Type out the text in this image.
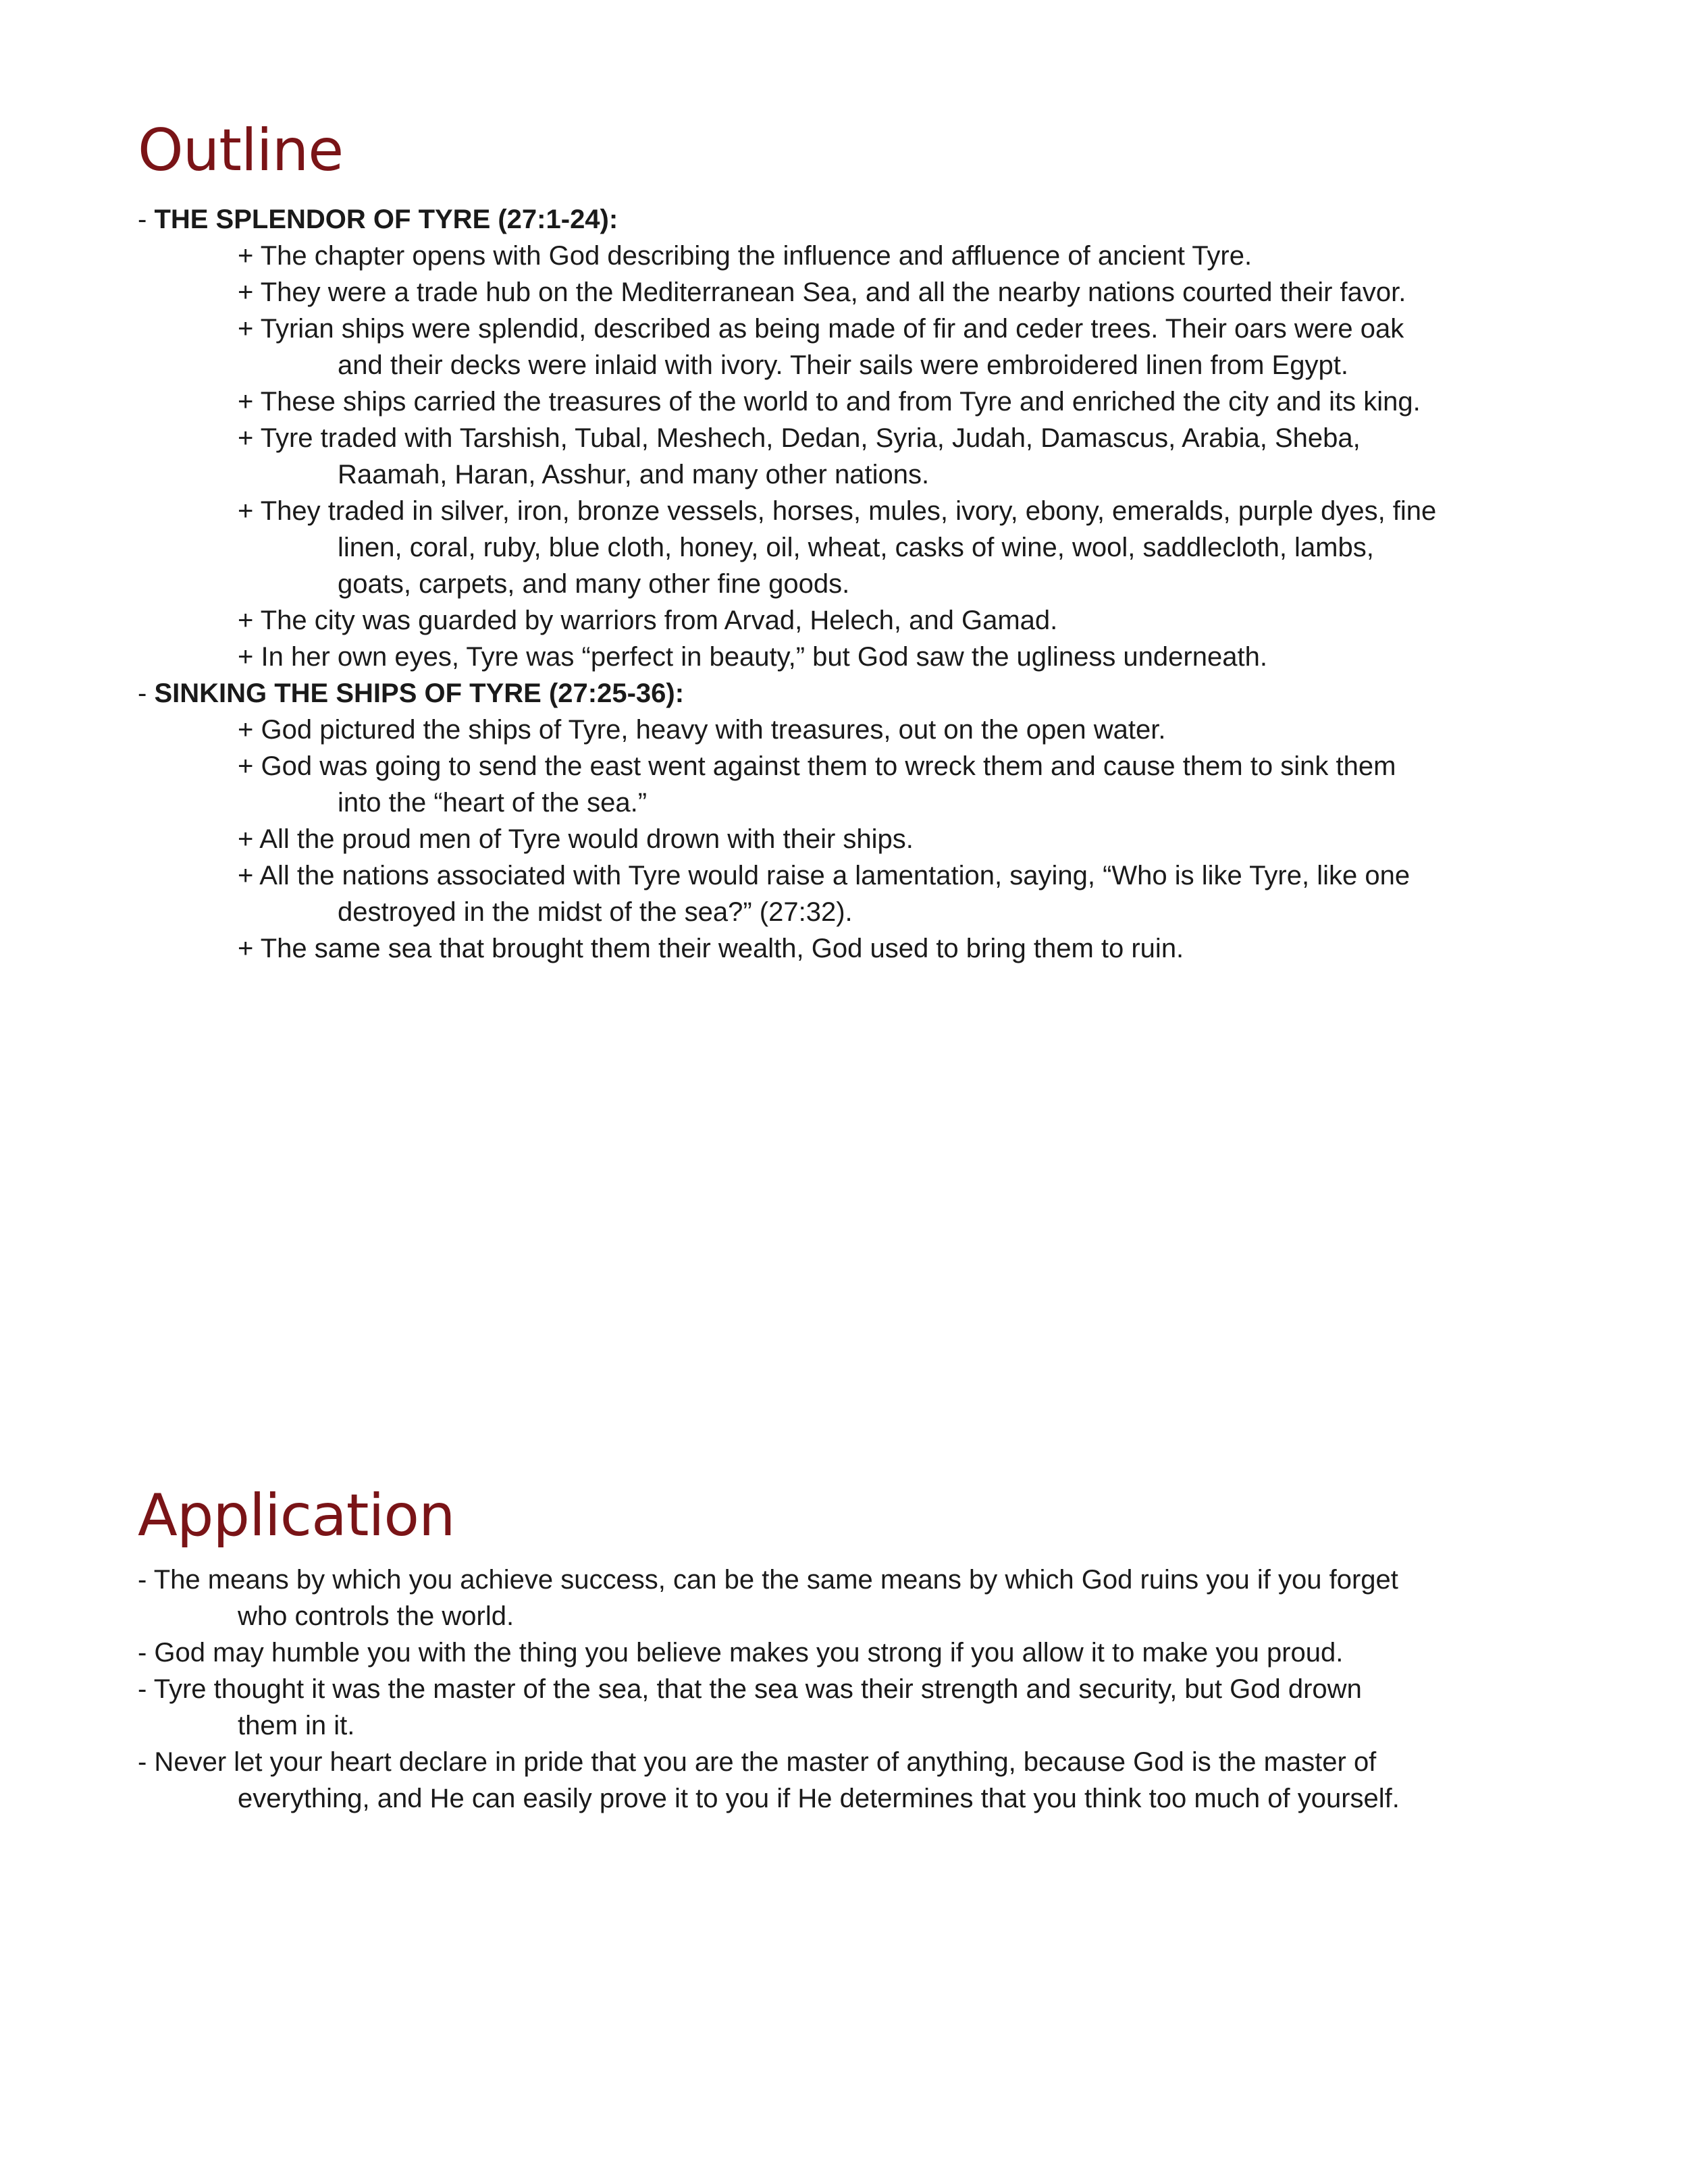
Outline
- THE SPLENDOR OF TYRE (27:1-24):
+ The chapter opens with God describing the influence and affluence of ancient Tyre.
+ They were a trade hub on the Mediterranean Sea, and all the nearby nations courted their favor.
+ Tyrian ships were splendid, described as being made of fir and ceder trees. Their oars were oak
and their decks were inlaid with ivory. Their sails were embroidered linen from Egypt.
+ These ships carried the treasures of the world to and from Tyre and enriched the city and its king.
+ Tyre traded with Tarshish, Tubal, Meshech, Dedan, Syria, Judah, Damascus, Arabia, Sheba,
Raamah, Haran, Asshur, and many other nations.
+ They traded in silver, iron, bronze vessels, horses, mules, ivory, ebony, emeralds, purple dyes, fine
linen, coral, ruby, blue cloth, honey, oil, wheat, casks of wine, wool, saddlecloth, lambs,
goats, carpets, and many other fine goods.
+ The city was guarded by warriors from Arvad, Helech, and Gamad.
+ In her own eyes, Tyre was “perfect in beauty,” but God saw the ugliness underneath.
- SINKING THE SHIPS OF TYRE (27:25-36):
+ God pictured the ships of Tyre, heavy with treasures, out on the open water.
+ God was going to send the east went against them to wreck them and cause them to sink them
into the “heart of the sea.”
+ All the proud men of Tyre would drown with their ships.
+ All the nations associated with Tyre would raise a lamentation, saying, “Who is like Tyre, like one
destroyed in the midst of the sea?” (27:32).
+ The same sea that brought them their wealth, God used to bring them to ruin.
Application
- The means by which you achieve success, can be the same means by which God ruins you if you forget
who controls the world.
- God may humble you with the thing you believe makes you strong if you allow it to make you proud.
- Tyre thought it was the master of the sea, that the sea was their strength and security, but God drown
them in it.
- Never let your heart declare in pride that you are the master of anything, because God is the master of
everything, and He can easily prove it to you if He determines that you think too much of yourself.
